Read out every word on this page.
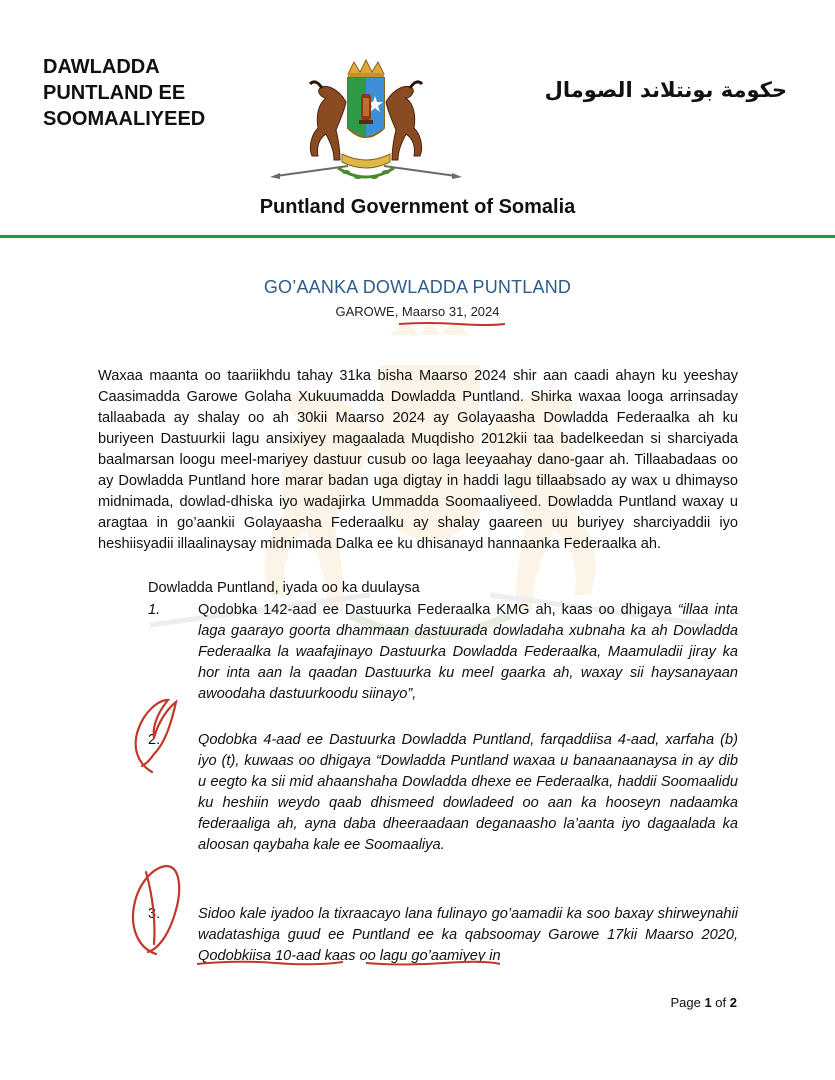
DAWLADDA
PUNTLAND EE
SOOMAALIYEED
حكومة بونتلاند الصومال
Puntland Government of Somalia
GO’AANKA DOWLADDA PUNTLAND
GAROWE, Maarso 31, 2024
Waxaa maanta oo taariikhdu tahay 31ka bisha Maarso 2024 shir aan caadi ahayn ku yeeshay Caasimadda Garowe Golaha Xukuumadda Dowladda Puntland. Shirka waxaa looga arrinsaday tallaabada ay shalay oo ah 30kii Maarso 2024 ay Golayaasha Dowladda Federaalka ah ku buriyeen Dastuurkii lagu ansixiyey magaalada Muqdisho 2012kii taa badelkeedan si sharciyada baalmarsan loogu meel-mariyey dastuur cusub oo laga leeyaahay dano-gaar ah. Tillaabadaas oo ay Dowladda Puntland hore marar badan uga digtay in haddi lagu tillaabsado ay wax u dhimayso midnimada, dowlad-dhiska iyo wadajirka Ummadda Soomaaliyeed. Dowladda Puntland waxay u aragtaa in go’aankii Golayaasha Federaalku ay shalay gaareen uu buriyey sharciyaddii iyo heshiisyadii illaalinaysay midnimada Dalka ee ku dhisanayd hannaanka Federaalka ah.
Dowladda Puntland, iyada oo ka duulaysa
1.	Qodobka 142-aad ee Dastuurka Federaalka KMG ah, kaas oo dhigaya “illaa inta laga gaarayo goorta dhammaan dastuurada dowladaha xubnaha ka ah Dowladda Federaalka la waafajinayo Dastuurka Dowladda Federaalka, Maamuladii jiray ka hor inta aan la qaadan Dastuurka ku meel gaarka ah, waxay sii haysanayaan awoodaha dastuurkoodu siinayo”,
2.	Qodobka 4-aad ee Dastuurka Dowladda Puntland, farqaddiisa 4-aad, xarfaha (b) iyo (t), kuwaas oo dhigaya “Dowladda Puntland waxaa u banaanaanaysa in ay dib u eegto ka sii mid ahaanshaha Dowladda dhexe ee Federaalka, haddii Soomaalidu ku heshiin weydo qaab dhismeed dowladeed oo aan ka hooseyn nadaamka federaaliga ah, ayna daba dheeraadaan deganaasho la’aanta iyo dagaalada ka aloosan qaybaha kale ee Soomaaliya.
3.	Sidoo kale iyadoo la tixraacayo lana fulinayo go’aamadii ka soo baxay shirweynahii wadatashiga guud ee Puntland ee ka qabsoomay Garowe 17kii Maarso 2020, Qodobkiisa 10-aad kaas oo lagu go’aamiyey in
Page 1 of 2
